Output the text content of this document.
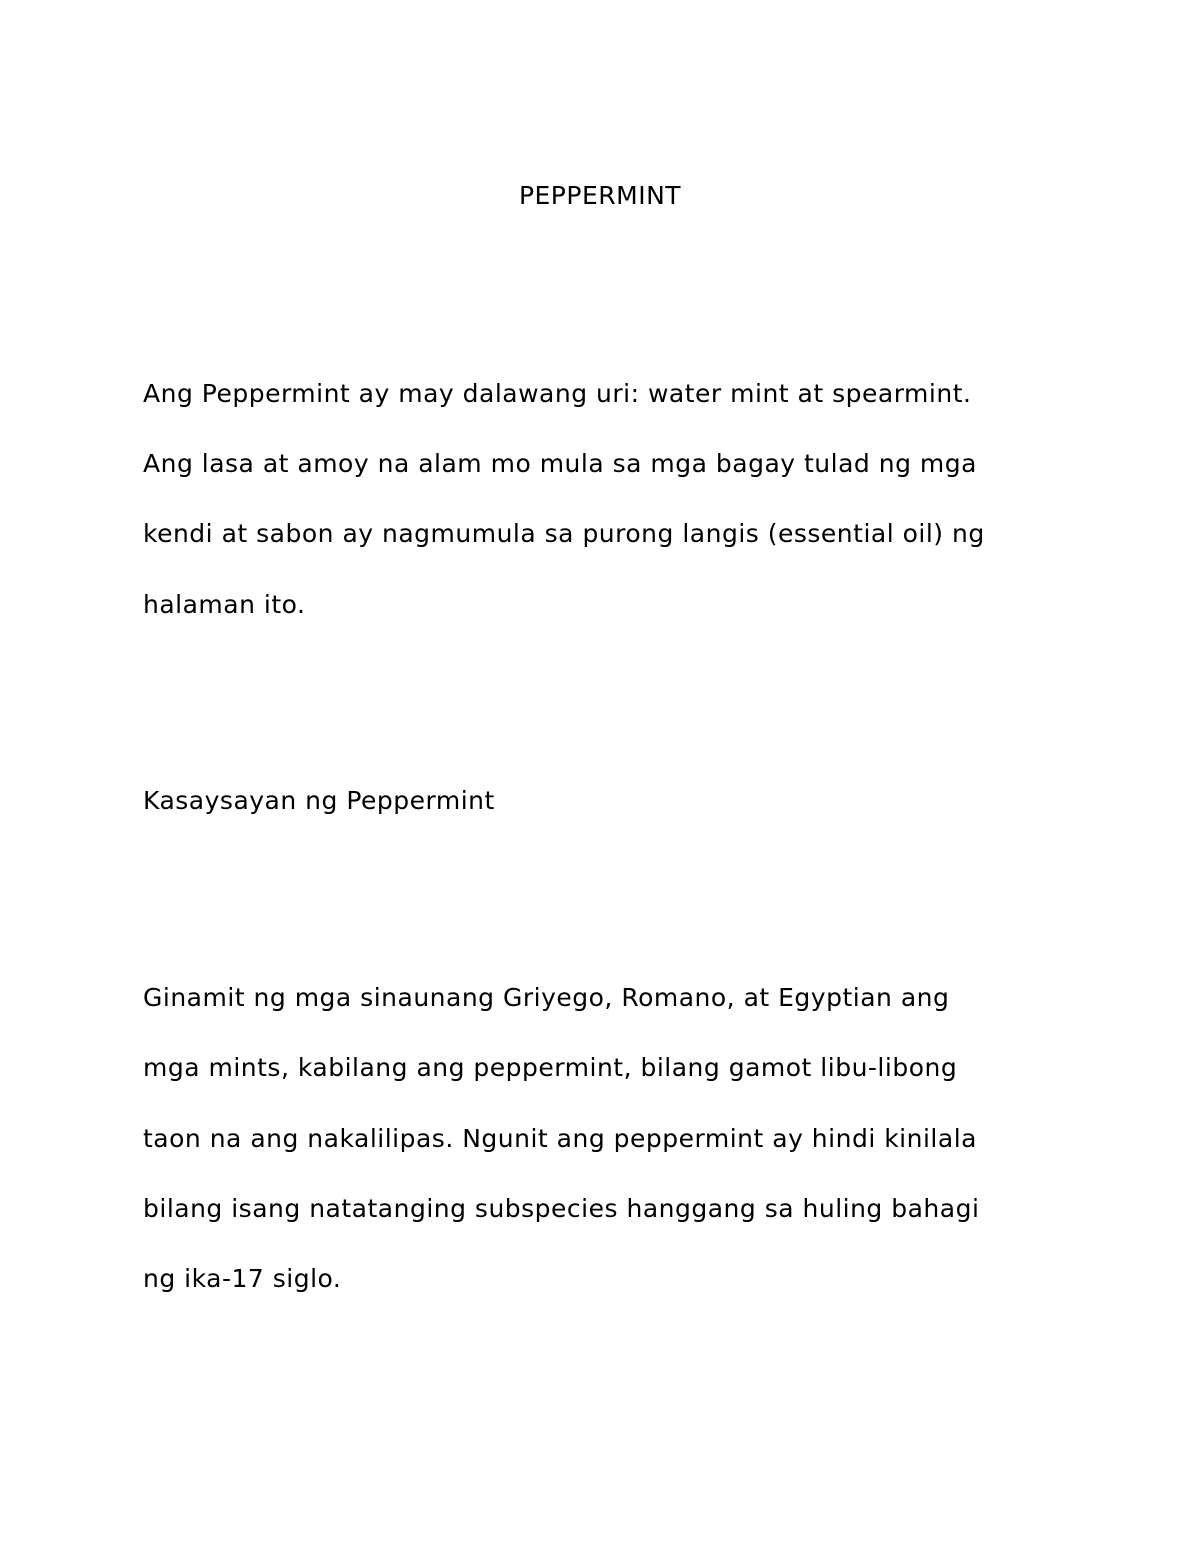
PEPPERMINT
Ang Peppermint ay may dalawang uri: water mint at spearmint.
Ang lasa at amoy na alam mo mula sa mga bagay tulad ng mga
kendi at sabon ay nagmumula sa purong langis (essential oil) ng
halaman ito.
Kasaysayan ng Peppermint
Ginamit ng mga sinaunang Griyego, Romano, at Egyptian ang
mga mints, kabilang ang peppermint, bilang gamot libu-libong
taon na ang nakalilipas. Ngunit ang peppermint ay hindi kinilala
bilang isang natatanging subspecies hanggang sa huling bahagi
ng ika-17 siglo.
